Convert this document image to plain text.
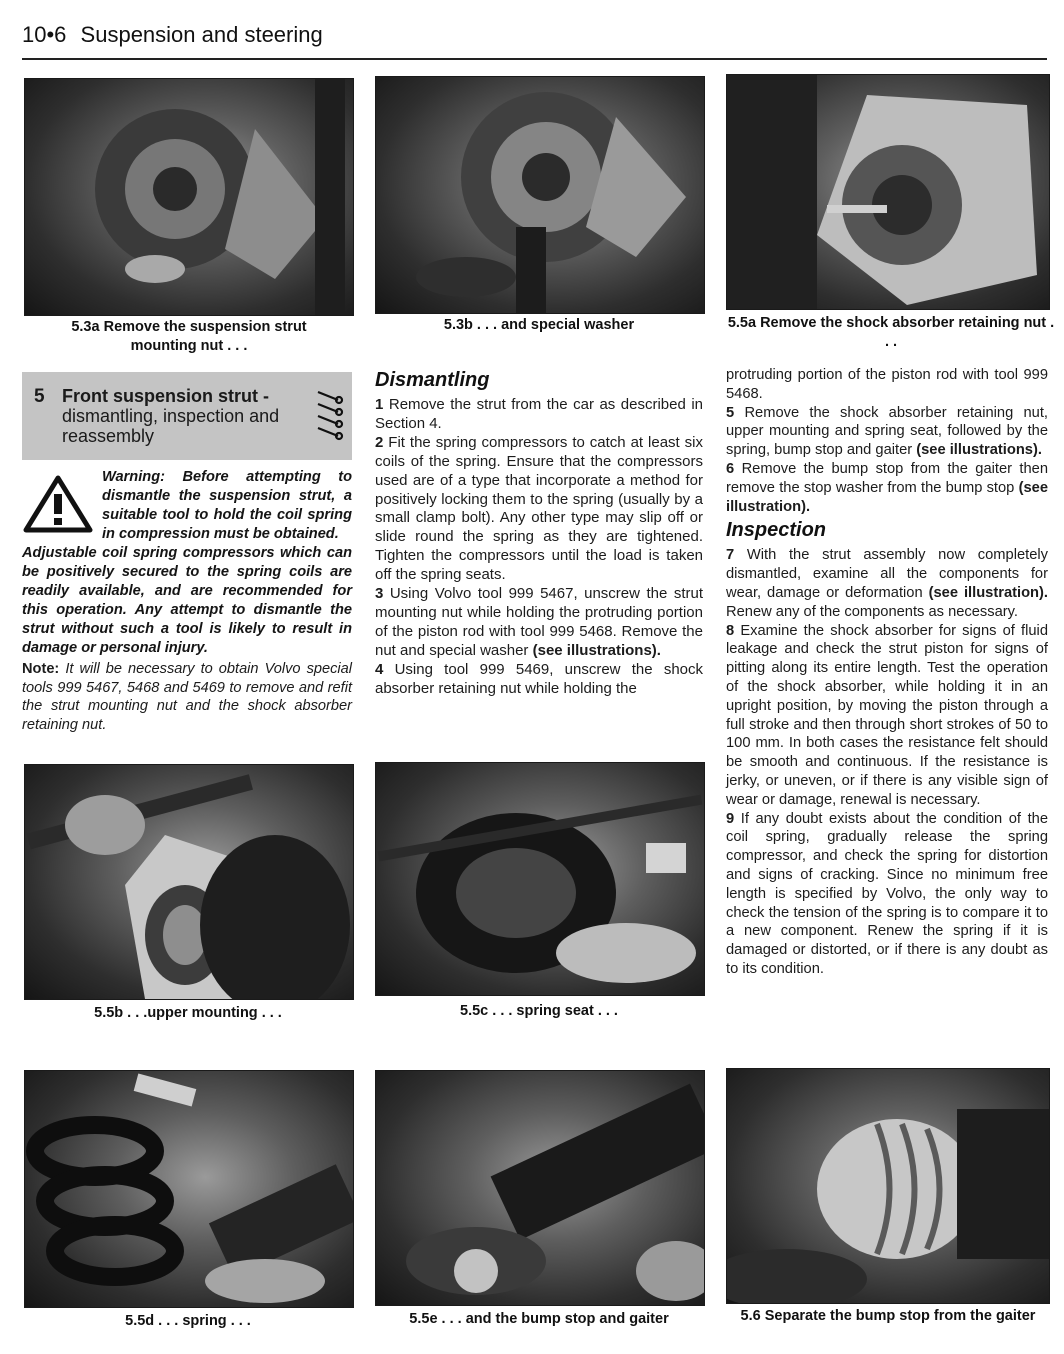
10•6 Suspension and steering
5.3a Remove the suspension strut mounting nut . . .
5.3b . . . and special washer	5.5a Remove the shock absorber retaining nut . . .
5 Front suspension strut -
dismantling, inspection and reassembly
Warning: Before attempting to dismantle the suspension strut, a suitable tool to hold the coil spring in compression must be obtained.
Adjustable coil spring compressors which can be positively secured to the spring coils are readily available, and are recommended for this operation. Any attempt to dismantle the strut without such a tool is likely to result in damage or personal injury.
Note: It will be necessary to obtain Volvo special tools 999 5467, 5468 and 5469 to remove and refit the strut mounting nut and the shock absorber retaining nut.
Dismantling

1 Remove the strut from the car as described in Section 4.

2 Fit the spring compressors to catch at least six coils of the spring. Ensure that the compressors used are of a type that incorporate a method for positively locking them to the spring (usually by a small clamp bolt). Any other type may slip off or slide round the spring as they are tightened. Tighten the compressors until the load is taken off the spring seats.

3 Using Volvo tool 999 5467, unscrew the strut mounting nut while holding the protruding portion of the piston rod with tool 999 5468. Remove the nut and special washer (see illustrations).

4 Using tool 999 5469, unscrew the shock absorber retaining nut while holding the

protruding portion of the piston rod with tool 999 5468.

5 Remove the shock absorber retaining nut, upper mounting and spring seat, followed by the spring, bump stop and gaiter (see illustrations).

6 Remove the bump stop from the gaiter then remove the stop washer from the bump stop (see illustration).

Inspection

7 With the strut assembly now completely dismantled, examine all the components for wear, damage or deformation (see illustration). Renew any of the components as necessary.

8 Examine the shock absorber for signs of fluid leakage and check the strut piston for signs of pitting along its entire length. Test the operation of the shock absorber, while holding it in an upright position, by moving the piston through a full stroke and then through short strokes of 50 to 100 mm. In both cases the resistance felt should be smooth and continuous. If the resistance is jerky, or uneven, or if there is any visible sign of wear or damage, renewal is necessary.

9 If any doubt exists about the condition of the coil spring, gradually release the spring compressor, and check the spring for distortion and signs of cracking. Since no minimum free length is specified by Volvo, the only way to check the tension of the spring is to compare it to a new component. Renew the spring if it is damaged or distorted, or if there is any doubt as to its condition.

5.5b . . .upper mounting . . .	5.5c . . . spring seat . . .
5.5d . . . spring . . .	5.5e . . . and the bump stop and gaiter	5.6 Separate the bump stop from the gaiter
